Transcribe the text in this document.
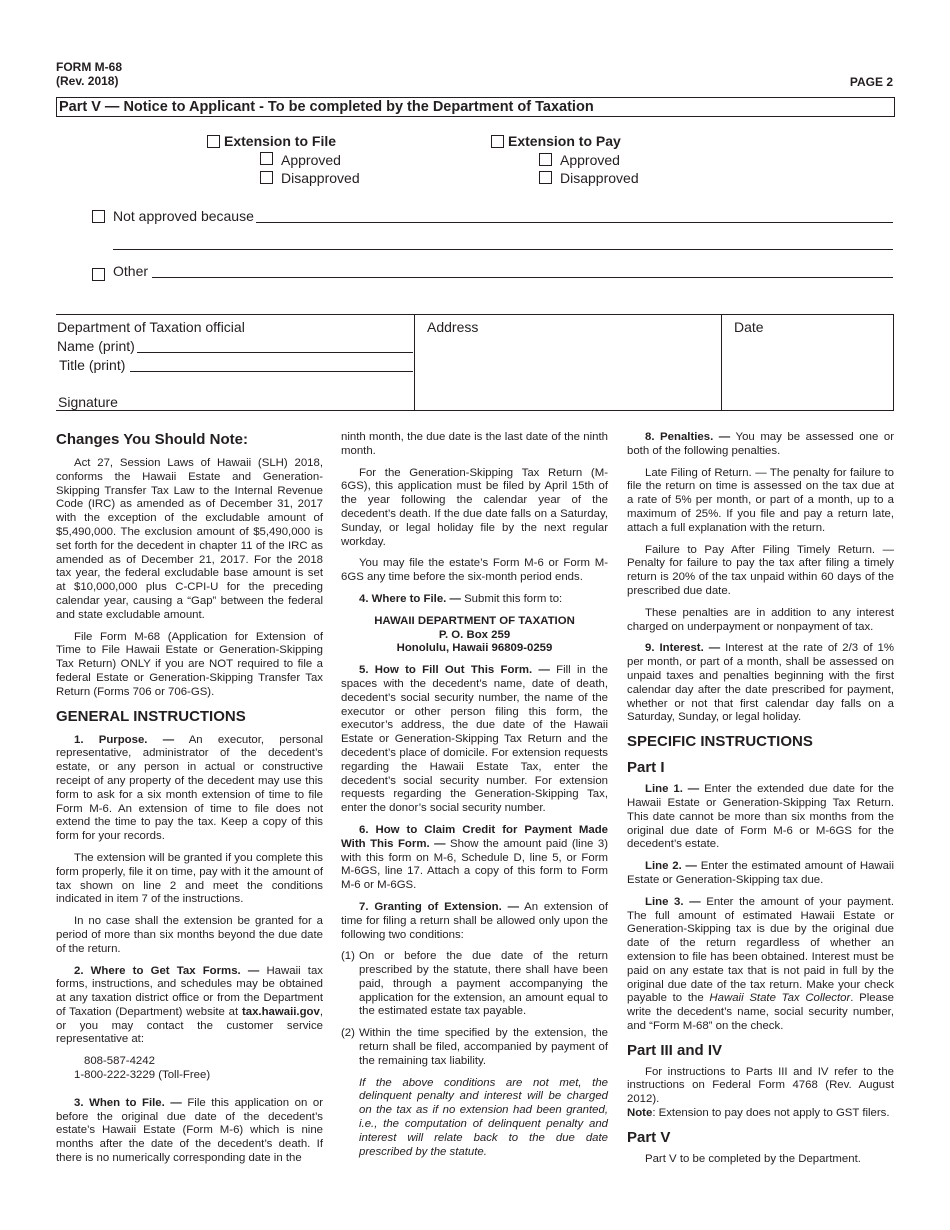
FORM M-68
(Rev. 2018)	PAGE 2
Part V — Notice to Applicant - To be completed by the Department of Taxation
Extension to File
Approved
Disapproved
Extension to Pay
Approved
Disapproved
Not approved because
Other
Department of Taxation official
Name (print)
Title (print)
Signature
Address	Date
Changes You Should Note:

Act 27, Session Laws of Hawaii (SLH) 2018, conforms the Hawaii Estate and Generation-Skipping Transfer Tax Law to the Internal Revenue Code (IRC) as amended as of December 31, 2017 with the exception of the excludable amount of $5,490,000. The exclusion amount of $5,490,000 is set forth for the decedent in chapter 11 of the IRC as amended as of December 21, 2017. For the 2018 tax year, the federal excludable base amount is set at $10,000,000 plus C-CPI-U for the preceding calendar year, causing a “Gap” between the federal and state excludable amount.

File Form M-68 (Application for Extension of Time to File Hawaii Estate or Generation-Skipping Tax Return) ONLY if you are NOT required to file a federal Estate or Generation-Skipping Transfer Tax Return (Forms 706 or 706-GS).

GENERAL INSTRUCTIONS

1. Purpose. — An executor, personal representative, administrator of the decedent’s estate, or any person in actual or constructive receipt of any property of the decedent may use this form to ask for a six month extension of time to file Form M-6. An extension of time to file does not extend the time to pay the tax. Keep a copy of this form for your records.

The extension will be granted if you complete this form properly, file it on time, pay with it the amount of tax shown on line 2 and meet the conditions indicated in item 7 of the instructions.

In no case shall the extension be granted for a period of more than six months beyond the due date of the return.

2. Where to Get Tax Forms. — Hawaii tax forms, instructions, and schedules may be obtained at any taxation district office or from the Department of Taxation (Department) website at tax.hawaii.gov, or you may contact the customer service representative at:

808-587-4242
1-800-222-3229 (Toll-Free)

3. When to File. — File this application on or before the original due date of the decedent’s estate’s Hawaii Estate (Form M-6) which is nine months after the date of the decedent’s death. If there is no numerically corresponding date in the

ninth month, the due date is the last date of the ninth month.

For the Generation-Skipping Tax Return (M-6GS), this application must be filed by April 15th of the year following the calendar year of the decedent’s death. If the due date falls on a Saturday, Sunday, or legal holiday file by the next regular workday.

You may file the estate’s Form M-6 or Form M-6GS any time before the six-month period ends.

4. Where to File. — Submit this form to:

HAWAII DEPARTMENT OF TAXATION
P. O. Box 259
Honolulu, Hawaii 96809-0259

5. How to Fill Out This Form. — Fill in the spaces with the decedent’s name, date of death, decedent’s social security number, the name of the executor or other person filing this form, the executor’s address, the due date of the Hawaii Estate or Generation-Skipping Tax Return and the decedent’s place of domicile. For extension requests regarding the Hawaii Estate Tax, enter the decedent’s social security number. For extension requests regarding the Generation-Skipping Tax, enter the donor’s social security number.

6. How to Claim Credit for Payment Made With This Form. — Show the amount paid (line 3) with this form on M-6, Schedule D, line 5, or Form M-6GS, line 17. Attach a copy of this form to Form M-6 or M-6GS.

7. Granting of Extension. — An extension of time for filing a return shall be allowed only upon the following two conditions:

(1) On or before the due date of the return prescribed by the statute, there shall have been paid, through a payment accompanying the application for the extension, an amount equal to the estimated estate tax payable.
(2) Within the time specified by the extension, the return shall be filed, accompanied by payment of the remaining tax liability.

If the above conditions are not met, the delinquent penalty and interest will be charged on the tax as if no extension had been granted, i.e., the computation of delinquent penalty and interest will relate back to the due date prescribed by the statute.

8. Penalties. — You may be assessed one or both of the following penalties.

Late Filing of Return. — The penalty for failure to file the return on time is assessed on the tax due at a rate of 5% per month, or part of a month, up to a maximum of 25%. If you file and pay a return late, attach a full explanation with the return.

Failure to Pay After Filing Timely Return. — Penalty for failure to pay the tax after filing a timely return is 20% of the tax unpaid within 60 days of the prescribed due date.

These penalties are in addition to any interest charged on underpayment or nonpayment of tax.

9. Interest. — Interest at the rate of 2/3 of 1% per month, or part of a month, shall be assessed on unpaid taxes and penalties beginning with the first calendar day after the date prescribed for payment, whether or not that first calendar day falls on a Saturday, Sunday, or legal holiday.

SPECIFIC INSTRUCTIONS
Part I

Line 1. — Enter the extended due date for the Hawaii Estate or Generation-Skipping Tax Return. This date cannot be more than six months from the original due date of Form M-6 or M-6GS for the decedent’s estate.

Line 2. — Enter the estimated amount of Hawaii Estate or Generation-Skipping tax due.

Line 3. — Enter the amount of your payment. The full amount of estimated Hawaii Estate or Generation-Skipping tax is due by the original due date of the return regardless of whether an extension to file has been obtained. Interest must be paid on any estate tax that is not paid in full by the original due date of the tax return. Make your check payable to the Hawaii State Tax Collector. Please write the decedent’s name, social security number, and “Form M-68” on the check.

Part III and IV

For instructions to Parts III and IV refer to the instructions on Federal Form 4768 (Rev. August 2012).

Note: Extension to pay does not apply to GST filers.

Part V

Part V to be completed by the Department.
